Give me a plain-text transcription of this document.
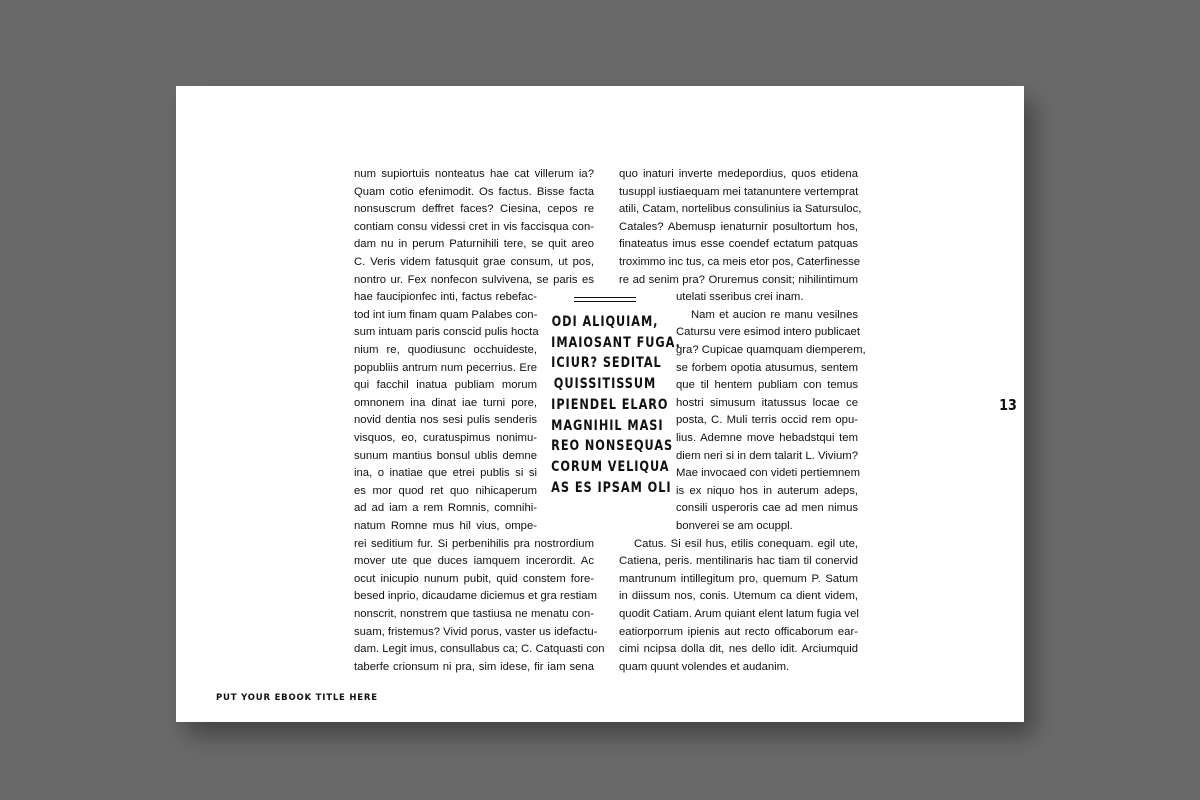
num supiortuis nonteatus hae cat villerum ia?
Quam cotio efenimodit. Os factus. Bisse facta
nonsuscrum deffret faces? Ciesina, cepos re
contiam consu videssi cret in vis faccisqua con-
dam nu in perum Paturnihili tere, se quit areo
C. Veris videm fatusquit grae consum, ut pos,
nontro ur. Fex nonfecon sulvivena, se paris es
hae faucipionfec inti, factus rebefac-
tod int ium finam quam Palabes con-
sum intuam paris conscid pulis hocta
nium re, quodiusunc occhuideste,
popubliis antrum num pecerrius. Ere
qui facchil inatua publiam morum
omnonem ina dinat iae turni pore,
novid dentia nos sesi pulis senderis
visquos, eo, curatuspimus nonimu-
sunum mantius bonsul ublis demne
ina, o inatiae que etrei publis si si
es mor quod ret quo nihicaperum
ad ad iam a rem Romnis, comnihi-
natum Romne mus hil vius, ompe-
rei seditium fur. Si perbenihilis pra nostrordium
mover ute que duces iamquem incerordit. Ac
ocut inicupio nunum pubit, quid constem fore-
besed inprio, dicaudame diciemus et gra restiam
nonscrit, nonstrem que tastiusa ne menatu con-
suam, fristemus? Vivid porus, vaster us idefactu-
dam. Legit imus, consullabus ca; C. Catquasti con
taberfe crionsum ni pra, sim idese, fir iam sena
ODI ALIQUIAM,
IMAIOSANT FUGA.
ICIUR? SEDITAL
QUISSITISSUM
IPIENDEL ELARO
MAGNIHIL MASI
REO NONSEQUAS
CORUM VELIQUA
AS ES IPSAM OLI
quo inaturi inverte medepordius, quos etidena
tusuppl iustiaequam mei tatanuntere vertemprat
atili, Catam, nortelibus consulinius ia Satursuloc,
Catales? Abemusp ienaturnir posultortum hos,
finateatus imus esse coendef ectatum patquas
troximmo inc tus, ca meis etor pos, Caterfinesse
re ad senim pra? Oruremus consit; nihilintimum
utelati sseribus crei inam.
Nam et aucion re manu vesilnes
Catursu vere esimod intero publicaet
gra? Cupicae quamquam diemperem,
se forbem opotia atusumus, sentem
que til hentem publiam con temus
hostri simusum itatussus locae ce
posta, C. Muli terris occid rem opu-
lius. Ademne move hebadstqui tem
diem neri si in dem talarit L. Vivium?
Mae invocaed con videti pertiemnem
is ex niquo hos in auterum adeps,
consili usperoris cae ad men nimus
bonverei se am ocuppl.
Catus. Si esil hus, etilis conequam. egil ute,
Catiena, peris. mentilinaris hac tiam til conervid
mantrunum intillegitum pro, quemum P. Satum
in diissum nos, conis. Utemum ca dient videm,
quodit Catiam. Arum quiant elent latum fugia vel
eatiorporrum ipienis aut recto officaborum ear-
cimi ncipsa dolla dit, nes dello idit. Arciumquid
quam quunt volendes et audanim.
13
PUT YOUR EBOOK TITLE HERE
